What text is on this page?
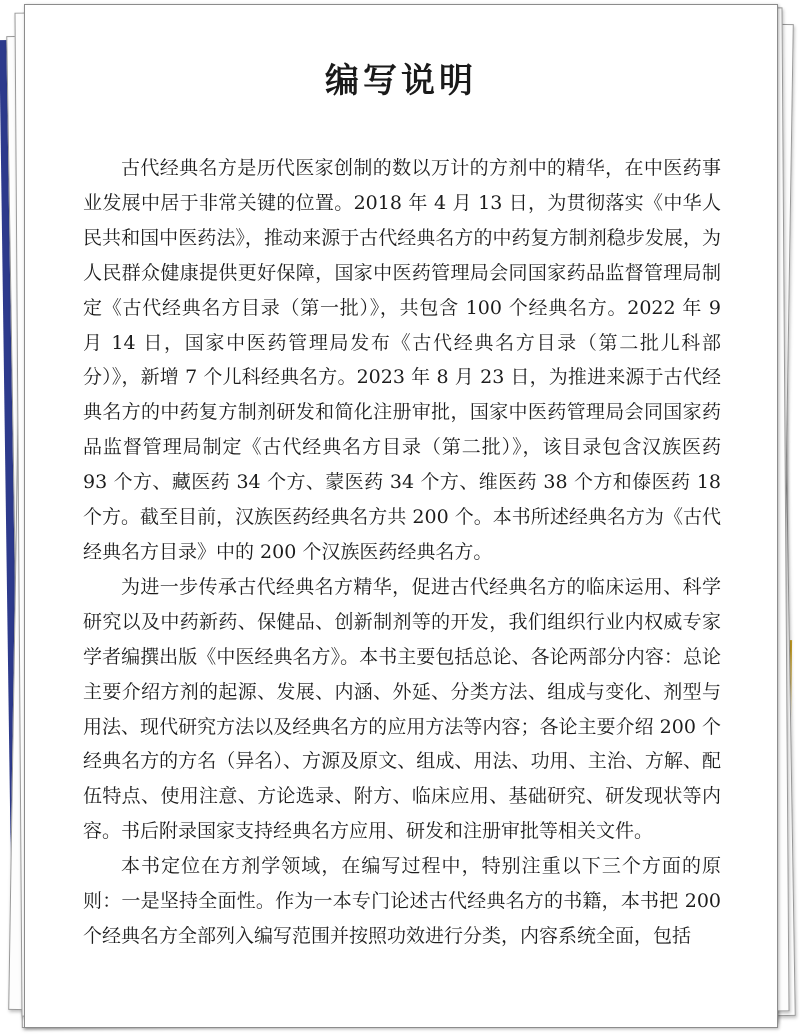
编写说明

古代经典名方是历代医家创制的数以万计的方剂中的精华，在中医药事业发展中居于非常关键的位置。2018 年 4 月 13 日，为贯彻落实《中华人民共和国中医药法》，推动来源于古代经典名方的中药复方制剂稳步发展，为人民群众健康提供更好保障，国家中医药管理局会同国家药品监督管理局制定《古代经典名方目录（第一批）》，共包含 100 个经典名方。2022 年 9 月 14 日，国家中医药管理局发布《古代经典名方目录（第二批儿科部分）》，新增 7 个儿科经典名方。2023 年 8 月 23 日，为推进来源于古代经典名方的中药复方制剂研发和简化注册审批，国家中医药管理局会同国家药品监督管理局制定《古代经典名方目录（第二批）》，该目录包含汉族医药 93 个方、藏医药 34 个方、蒙医药 34 个方、维医药 38 个方和傣医药 18 个方。截至目前，汉族医药经典名方共 200 个。本书所述经典名方为《古代经典名方目录》中的 200 个汉族医药经典名方。

为进一步传承古代经典名方精华，促进古代经典名方的临床运用、科学研究以及中药新药、保健品、创新制剂等的开发，我们组织行业内权威专家学者编撰出版《中医经典名方》。本书主要包括总论、各论两部分内容：总论主要介绍方剂的起源、发展、内涵、外延、分类方法、组成与变化、剂型与用法、现代研究方法以及经典名方的应用方法等内容；各论主要介绍 200 个经典名方的方名（异名）、方源及原文、组成、用法、功用、主治、方解、配伍特点、使用注意、方论选录、附方、临床应用、基础研究、研发现状等内容。书后附录国家支持经典名方应用、研发和注册审批等相关文件。

本书定位在方剂学领域，在编写过程中，特别注重以下三个方面的原则：一是坚持全面性。作为一本专门论述古代经典名方的书籍，本书把 200 个经典名方全部列入编写范围并按照功效进行分类，内容系统全面，包括
